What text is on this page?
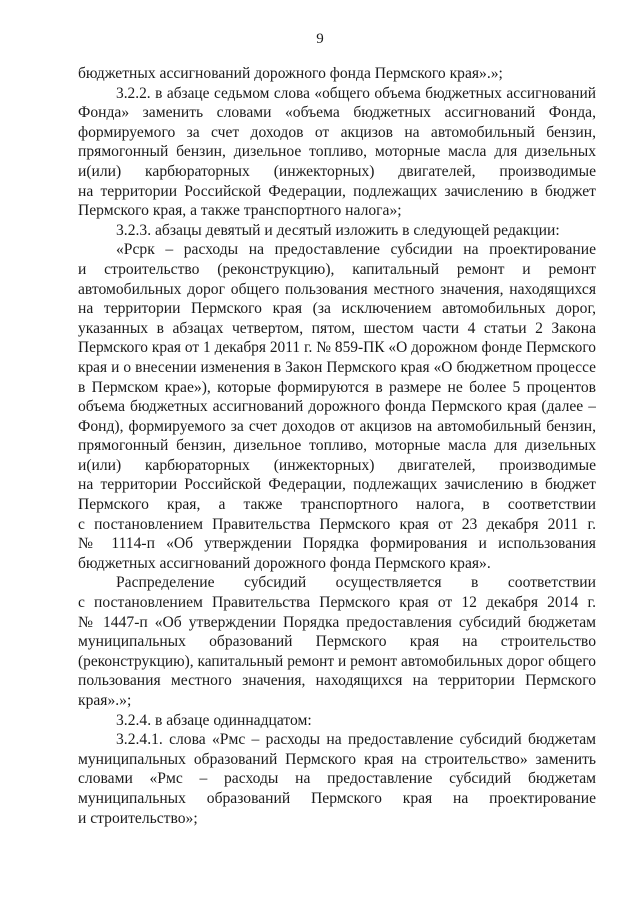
9
бюджетных ассигнований дорожного фонда Пермского края».»;
3.2.2. в абзаце седьмом слова «общего объема бюджетных ассигнований
Фонда» заменить словами «объема бюджетных ассигнований Фонда,
формируемого за счет доходов от акцизов на автомобильный бензин,
прямогонный бензин, дизельное топливо, моторные масла для дизельных
и(или) карбюраторных (инжекторных) двигателей, производимые
на территории Российской Федерации, подлежащих зачислению в бюджет
Пермского края, а также транспортного налога»;
3.2.3. абзацы девятый и десятый изложить в следующей редакции:
«Рсрк – расходы на предоставление субсидии на проектирование
и строительство (реконструкцию), капитальный ремонт и ремонт
автомобильных дорог общего пользования местного значения, находящихся
на территории Пермского края (за исключением автомобильных дорог,
указанных в абзацах четвертом, пятом, шестом части 4 статьи 2 Закона
Пермского края от 1 декабря 2011 г. № 859-ПК «О дорожном фонде Пермского
края и о внесении изменения в Закон Пермского края «О бюджетном процессе
в Пермском крае»), которые формируются в размере не более 5 процентов
объема бюджетных ассигнований дорожного фонда Пермского края (далее –
Фонд), формируемого за счет доходов от акцизов на автомобильный бензин,
прямогонный бензин, дизельное топливо, моторные масла для дизельных
и(или) карбюраторных (инжекторных) двигателей, производимые
на территории Российской Федерации, подлежащих зачислению в бюджет
Пермского края, а также транспортного налога, в соответствии
с постановлением Правительства Пермского края от 23 декабря 2011 г.
№ 1114-п «Об утверждении Порядка формирования и использования
бюджетных ассигнований дорожного фонда Пермского края».
Распределение субсидий осуществляется в соответствии
с постановлением Правительства Пермского края от 12 декабря 2014 г.
№ 1447-п «Об утверждении Порядка предоставления субсидий бюджетам
муниципальных образований Пермского края на строительство
(реконструкцию), капитальный ремонт и ремонт автомобильных дорог общего
пользования местного значения, находящихся на территории Пермского
края».»;
3.2.4. в абзаце одиннадцатом:
3.2.4.1. слова «Рмс – расходы на предоставление субсидий бюджетам
муниципальных образований Пермского края на строительство» заменить
словами «Рмс – расходы на предоставление субсидий бюджетам
муниципальных образований Пермского края на проектирование
и строительство»;
